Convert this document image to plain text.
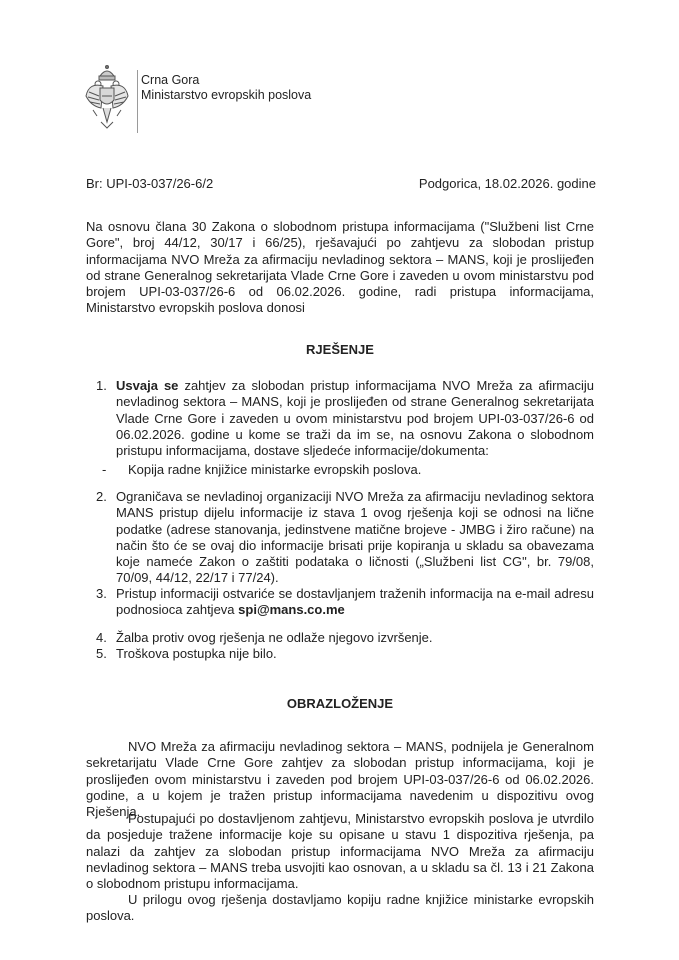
Crna Gora
Ministarstvo evropskih poslova
Br: UPI-03-037/26-6/2	Podgorica, 18.02.2026. godine
Na osnovu člana 30 Zakona o slobodnom pristupa informacijama ("Službeni list Crne Gore", broj 44/12, 30/17 i 66/25), rješavajući po zahtjevu za slobodan pristup informacijama NVO Mreža za afirmaciju nevladinog sektora – MANS, koji je proslijeđen od strane Generalnog sekretarijata Vlade Crne Gore i zaveden u ovom ministarstvu pod brojem UPI-03-037/26-6 od 06.02.2026. godine, radi pristupa informacijama, Ministarstvo evropskih poslova donosi
RJEŠENJE
1. Usvaja se zahtjev za slobodan pristup informacijama NVO Mreža za afirmaciju nevladinog sektora – MANS, koji je proslijeđen od strane Generalnog sekretarijata Vlade Crne Gore i zaveden u ovom ministarstvu pod brojem UPI-03-037/26-6 od 06.02.2026. godine u kome se traži da im se, na osnovu Zakona o slobodnom pristupu informacijama, dostave sljedeće informacije/dokumenta:
- Kopija radne knjižice ministarke evropskih poslova.
2. Ograničava se nevladinoj organizaciji NVO Mreža za afirmaciju nevladinog sektora MANS pristup dijelu informacije iz stava 1 ovog rješenja koji se odnosi na lične podatke (adrese stanovanja, jedinstvene matične brojeve - JMBG i žiro račune) na način što će se ovaj dio informacije brisati prije kopiranja u skladu sa obavezama koje nameće Zakon o zaštiti podataka o ličnosti („Službeni list CG", br. 79/08, 70/09, 44/12, 22/17 i 77/24).
3. Pristup informaciji ostvariće se dostavljanjem traženih informacija na e-mail adresu podnosioca zahtjeva spi@mans.co.me
4. Žalba protiv ovog rješenja ne odlaže njegovo izvršenje.
5. Troškova postupka nije bilo.
OBRAZLOŽENJE
NVO Mreža za afirmaciju nevladinog sektora – MANS, podnijela je Generalnom sekretarijatu Vlade Crne Gore zahtjev za slobodan pristup informacijama, koji je proslijeđen ovom ministarstvu i zaveden pod brojem UPI-03-037/26-6 od 06.02.2026. godine, a u kojem je tražen pristup informacijama navedenim u dispozitivu ovog Rješenja.
Postupajući po dostavljenom zahtjevu, Ministarstvo evropskih poslova je utvrdilo da posjeduje tražene informacije koje su opisane u stavu 1 dispozitiva rješenja, pa nalazi da zahtjev za slobodan pristup informacijama NVO Mreža za afirmaciju nevladinog sektora – MANS treba usvojiti kao osnovan, a u skladu sa čl. 13 i 21 Zakona o slobodnom pristupu informacijama.
U prilogu ovog rješenja dostavljamo kopiju radne knjižice ministarke evropskih poslova.
